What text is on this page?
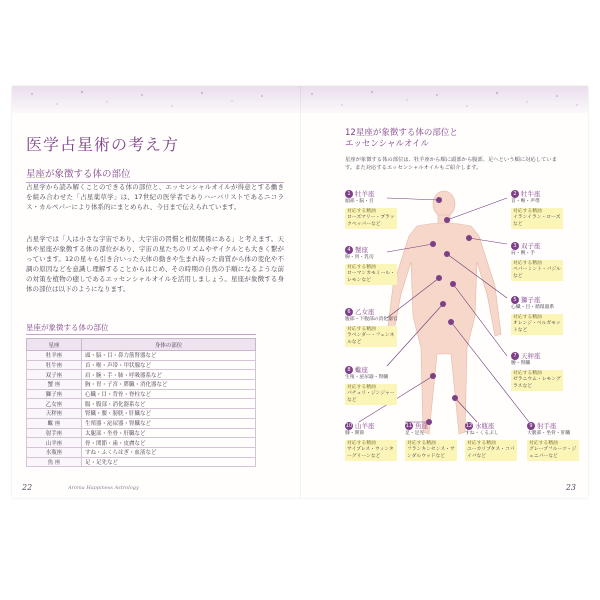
医学占星術の考え方
星座が象徴する体の部位
占星学から読み解くことのできる体の部位と、エッセンシャルオイルが得意とする働きを組み合わせた「占星薬草学」は、17世紀の医学者でありハーバリストであるニコラス・カルペパーにより体系的にまとめられ、今日まで伝えられています。
占星学では「人は小さな宇宙であり、大宇宙の習慣と相似関係にある」と考えます。天体や星座が象徴する体の部位があり、宇宙の星たちのリズムやサイクルとも大きく繋がっています。12の星々も引き合いった天体の動きや生まれ持った資質から体の変化や不調の原因などを意識し理解することからはじめ、その時期の自然の手順になるような前の対策を植物の癒しであるエッセンシャルオイルを活用しましょう。星座が象徴する身体の部位は以下のようになります。
星座が象徴する体の部位
星座	身体の部位
牡羊座	頭・脳・目・鼻力筋腎器など
牡牛座	首・喉・声帯・甲状腺など
双子座	肩・腕・手・肺・呼吸器系など
蟹 座	胸・胃・子宮・膵臓・消化器など
獅子座	心臓・目・背骨・脊柱など
乙女座	腸・腹部・消化器系など
天秤座	腎臓・腰・膀胱・肝臓など
蠍 座	生殖器・泌尿器・腎臓など
射手座	太腿部・坐骨・肝臓など
山羊座	骨・関節・歯・皮膚など
水瓶座	すね・ふくらはぎ・血液など
魚 座	足・足先など
22	Aroma Happiness Astrology
12星座が象徴する体の部位と
エッセンシャルオイル
星座が象徴する体の部位は、牡羊座から順に頭部から腹部、足へという順に対応しています。また対応するエッセンシャルオイルもご紹介します。
1 牡羊座
頭部・脳・目
対応する精油
ローズマリー・ブラックペッパーなど
2 牡牛座
首・喉・声帯
対応する精油
イランイラン・ローズなど
3 双子座
肩・腕・手
対応する精油
ペパーミント・バジルなど
4 蟹座
胸・胃・乳房
対応する精油
ローマンカモミール・レモンなど
5 獅子座
心臓・目・循環器系
対応する精油
オレンジ・ベルガモットなど
6 乙女座
腹部・下腹部の消化器官
対応する精油
ラベンダー・フェンネルなど
7 天秤座
腰・腎臓
対応する精油
ゼラニウム・レモングラスなど
8 蠍座
生殖・泌尿器・腎臓
対応する精油
パチュリ・ジンジャーなど
9 射手座
大腿部・坐骨・肝臓
対応する精油
グレープフルーツ・ジュニパーなど
10 山羊座
膝・関節
対応する精油
サイプレス・ウィンターグリーンなど
11 魚座
足・足先
対応する精油
フランキンセンス・サンダルウッドなど
12 水瓶座
すね・くるぶし
対応する精油
ユーカリプタス・コパイバなど
23
